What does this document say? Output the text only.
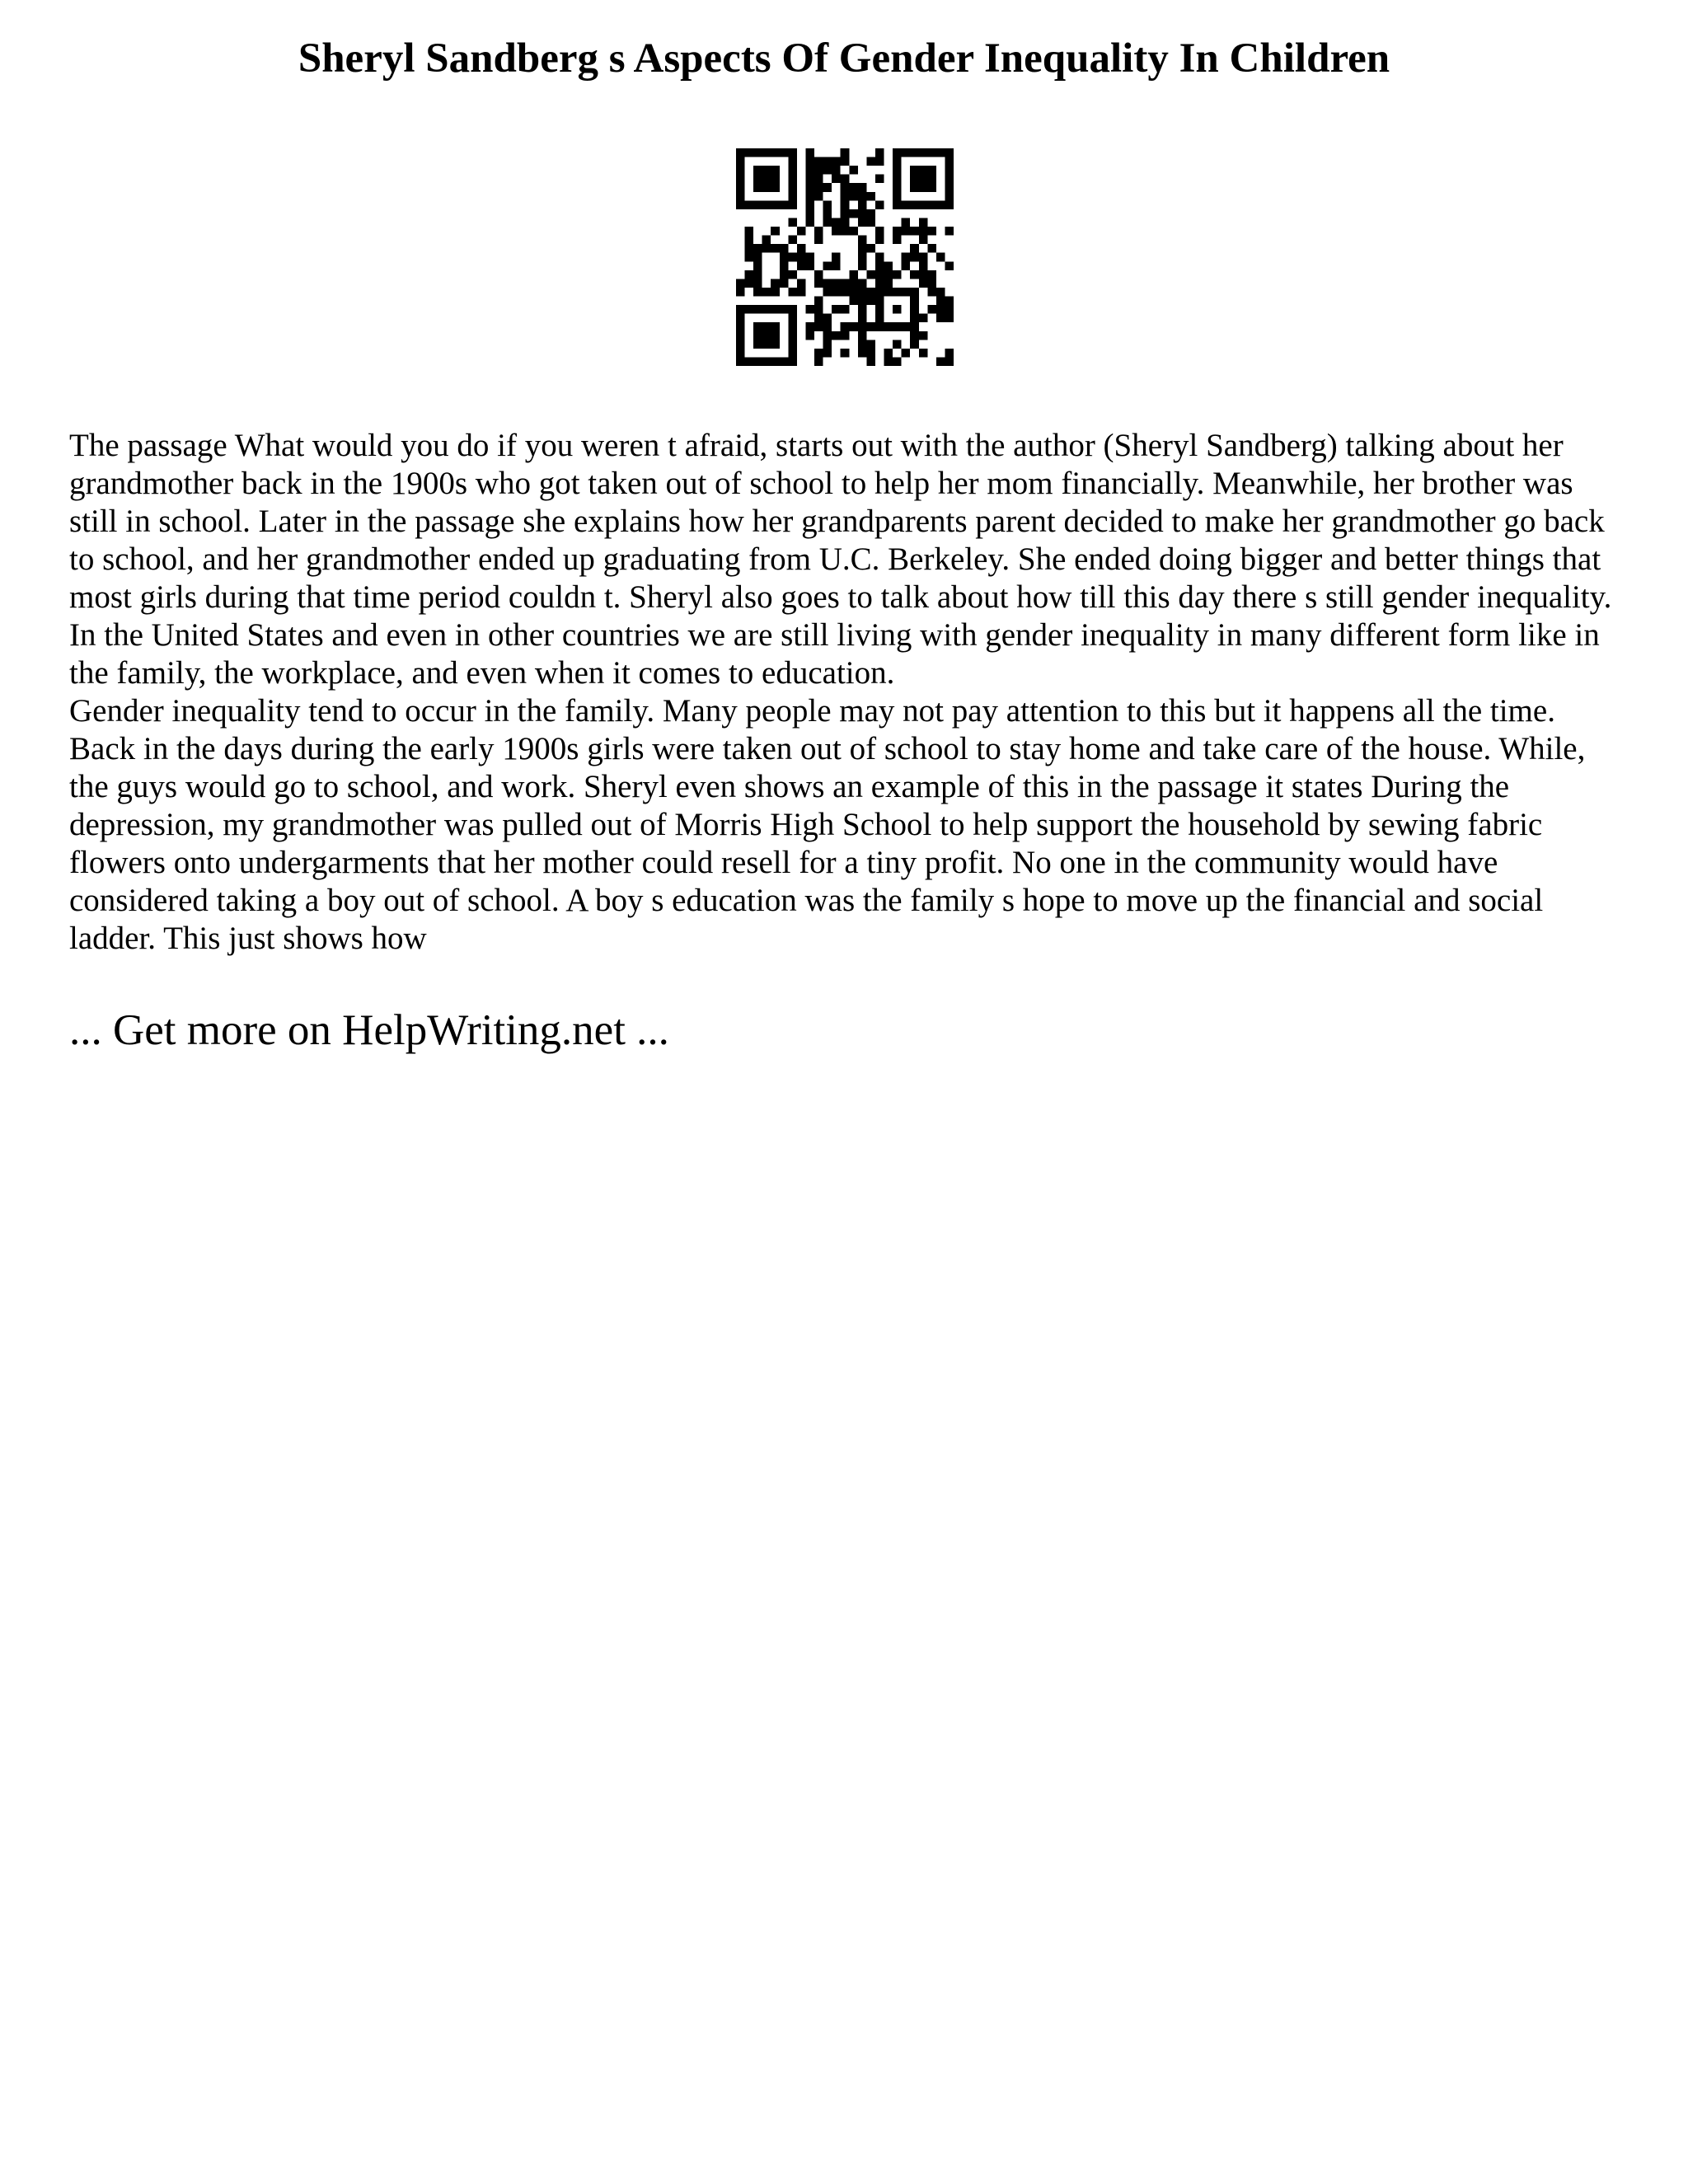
Sheryl Sandberg s Aspects Of Gender Inequality In Children

The passage What would you do if you weren t afraid, starts out with the author (Sheryl Sandberg) talking about her grandmother back in the 1900s who got taken out of school to help her mom financially. Meanwhile, her brother was still in school. Later in the passage she explains how her grandparents parent decided to make her grandmother go back to school, and her grandmother ended up graduating from U.C. Berkeley. She ended doing bigger and better things that most girls during that time period couldn t. Sheryl also goes to talk about how till this day there s still gender inequality. In the United States and even in other countries we are still living with gender inequality in many different form like in the family, the workplace, and even when it comes to education.

Gender inequality tend to occur in the family. Many people may not pay attention to this but it happens all the time. Back in the days during the early 1900s girls were taken out of school to stay home and take care of the house. While, the guys would go to school, and work. Sheryl even shows an example of this in the passage it states During the depression, my grandmother was pulled out of Morris High School to help support the household by sewing fabric flowers onto undergarments that her mother could resell for a tiny profit. No one in the community would have considered taking a boy out of school. A boy s education was the family s hope to move up the financial and social ladder. This just shows how

... Get more on HelpWriting.net ...
